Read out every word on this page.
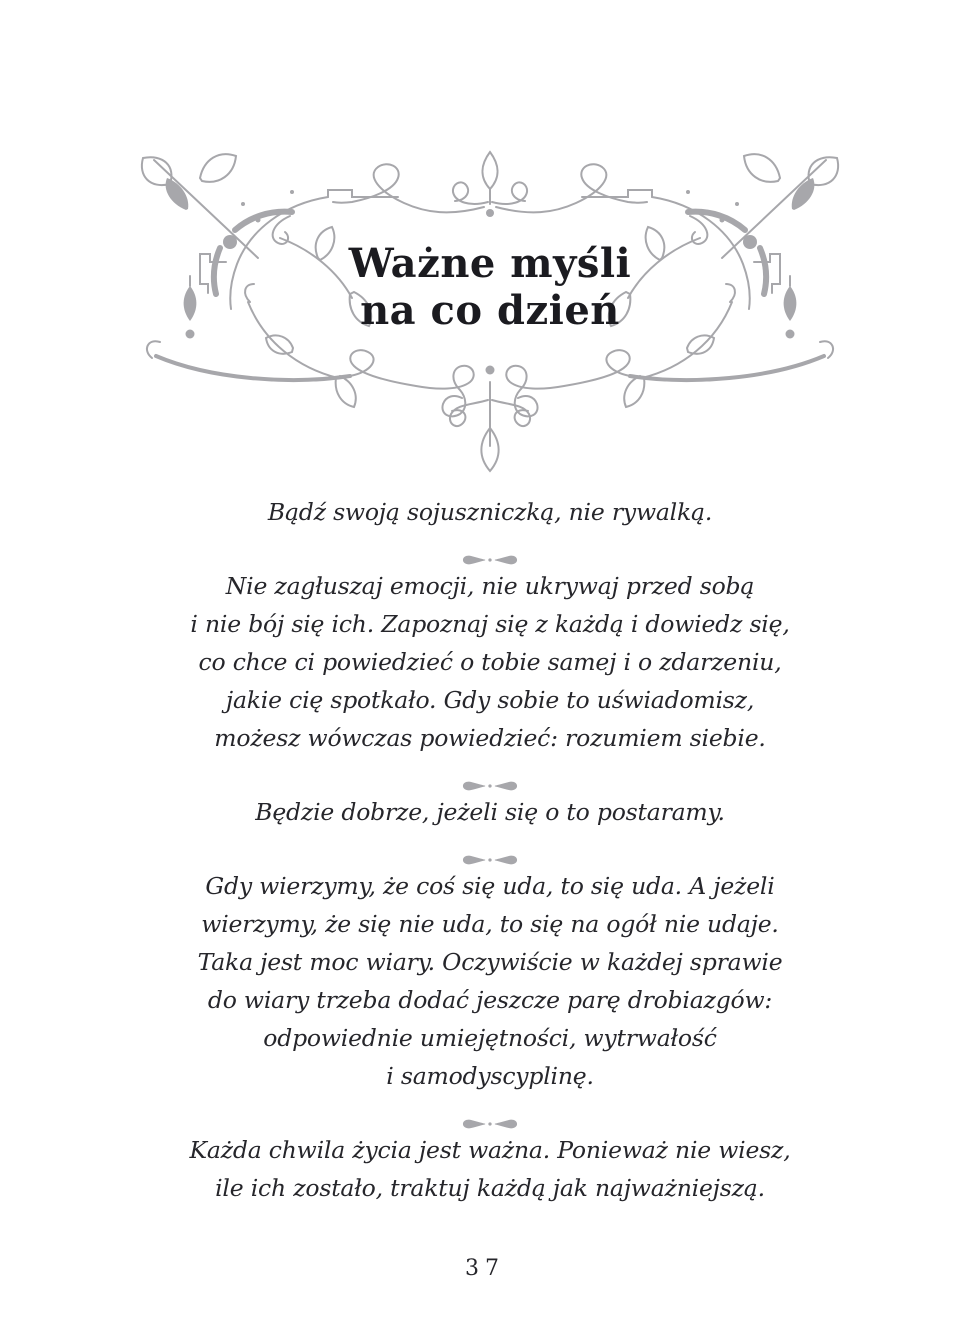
Ważne myśli
na co dzień

Bądź swoją sojuszniczką, nie rywalką.

Nie zagłuszaj emocji, nie ukrywaj przed sobą
i nie bój się ich. Zapoznaj się z każdą i dowiedz się,
co chce ci powiedzieć o tobie samej i o zdarzeniu,
jakie cię spotkało. Gdy sobie to uświadomisz,
możesz wówczas powiedzieć: rozumiem siebie.

Będzie dobrze, jeżeli się o to postaramy.

Gdy wierzymy, że coś się uda, to się uda. A jeżeli
wierzymy, że się nie uda, to się na ogół nie udaje.
Taka jest moc wiary. Oczywiście w każdej sprawie
do wiary trzeba dodać jeszcze parę drobiazgów:
odpowiednie umiejętności, wytrwałość
i samodyscyplinę.

Każda chwila życia jest ważna. Ponieważ nie wiesz,
ile ich zostało, traktuj każdą jak najważniejszą.

37
